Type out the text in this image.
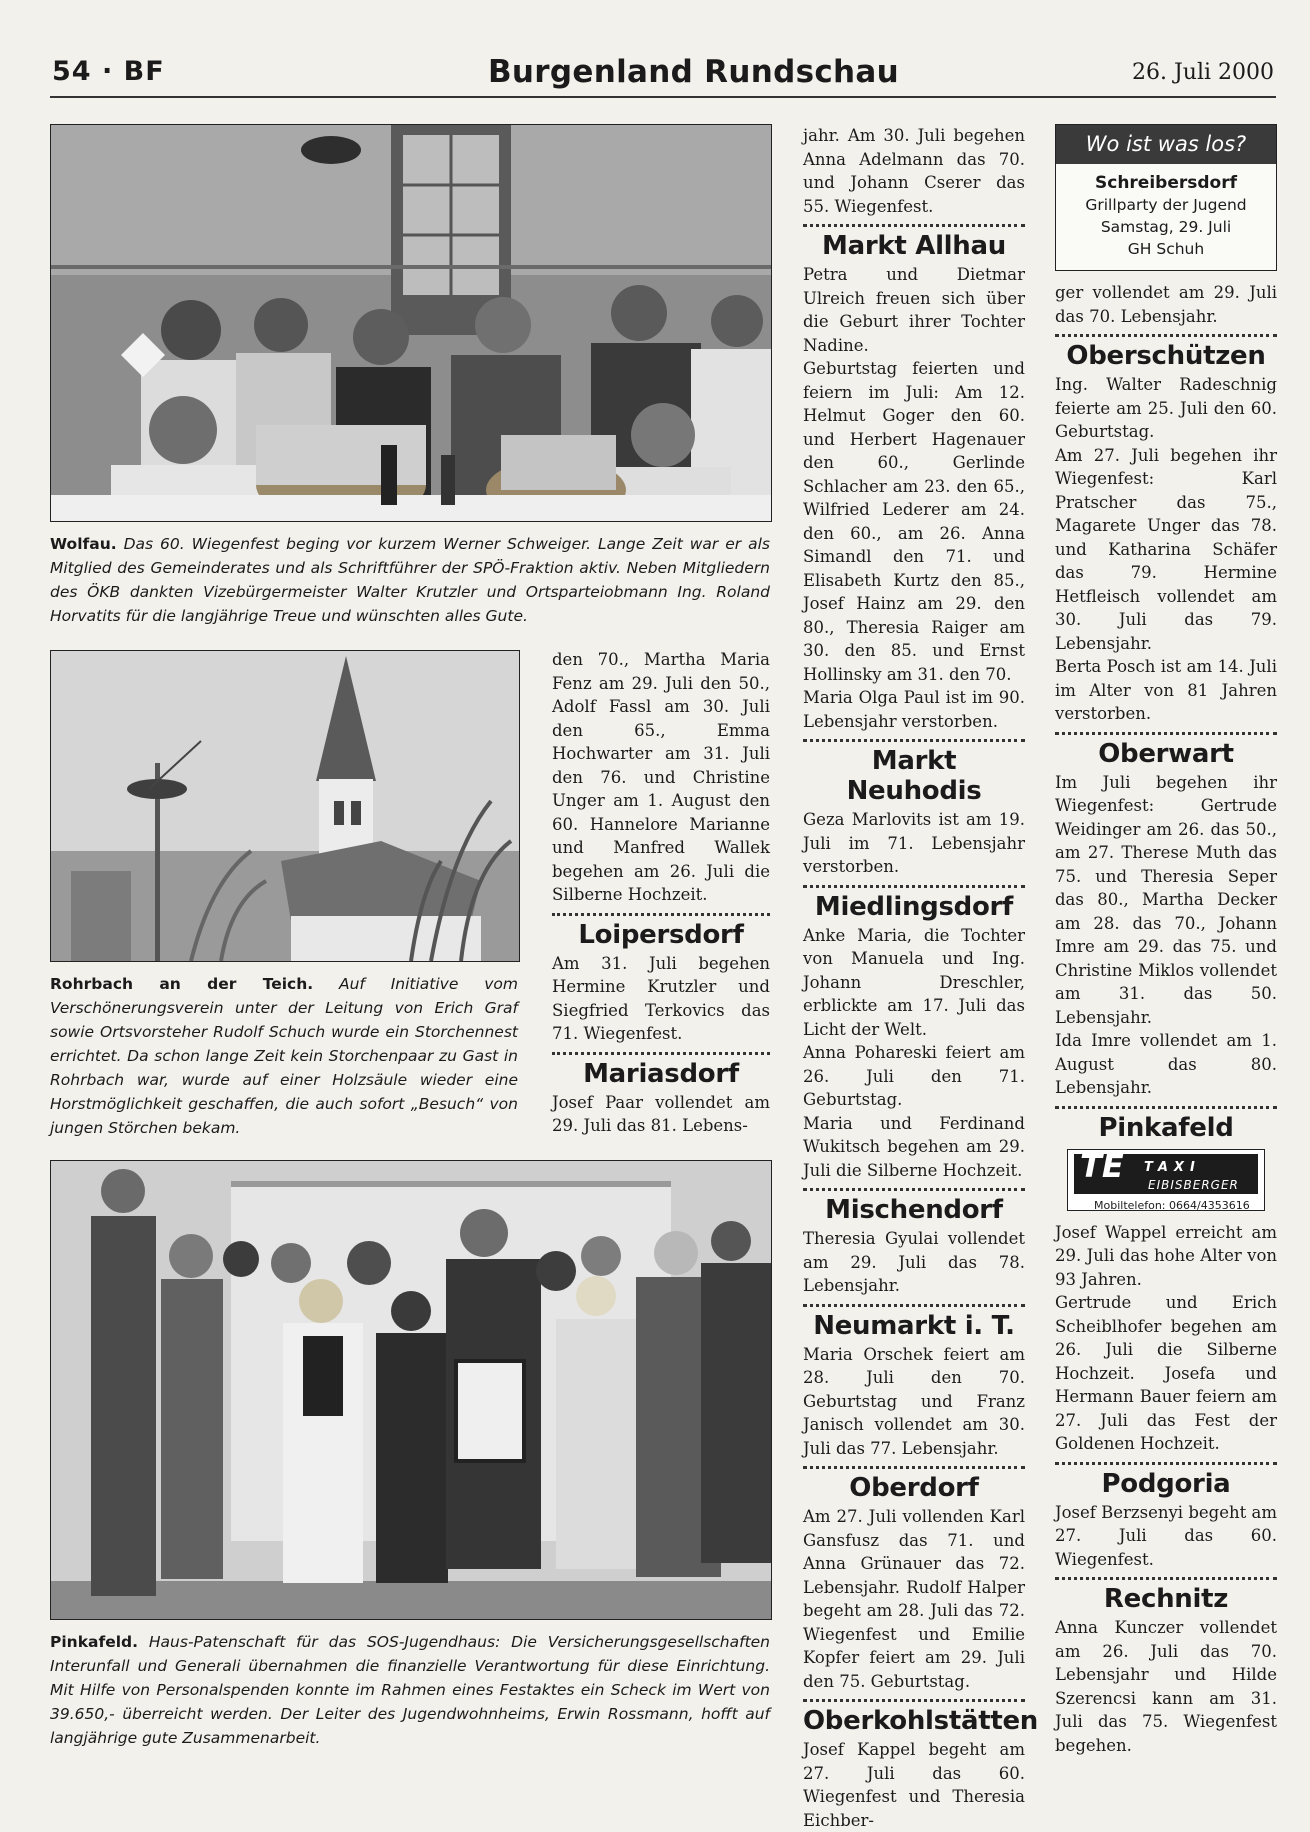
54 · BF	Burgenland Rundschau	26. Juli 2000
Wolfau. Das 60. Wiegenfest beging vor kurzem Werner Schweiger. Lange Zeit war er als Mitglied des Gemeinderates und als Schriftführer der SPÖ-Fraktion aktiv. Neben Mitgliedern des ÖKB dankten Vizebürgermeister Walter Krutzler und Ortsparteiobmann Ing. Roland Horvatits für die langjährige Treue und wünschten alles Gute.
Rohrbach an der Teich. Auf Initiative vom Verschönerungsverein unter der Leitung von Erich Graf sowie Ortsvorsteher Rudolf Schuch wurde ein Storchennest errichtet. Da schon lange Zeit kein Storchenpaar zu Gast in Rohrbach war, wurde auf einer Holzsäule wieder eine Horstmöglichkeit geschaffen, die auch sofort „Besuch“ von jungen Störchen bekam.
Pinkafeld. Haus-Patenschaft für das SOS-Jugendhaus: Die Versicherungsgesellschaften Interunfall und Generali übernahmen die finanzielle Verantwortung für diese Einrichtung. Mit Hilfe von Personalspenden konnte im Rahmen eines Festaktes ein Scheck im Wert von 39.650,- überreicht werden. Der Leiter des Jugendwohnheims, Erwin Rossmann, hofft auf langjährige gute Zusammenarbeit.

den 70., Martha Maria Fenz am 29. Juli den 50., Adolf Fassl am 30. Juli den 65., Emma Hochwarter am 31. Juli den 76. und Christine Unger am 1. August den 60. Hannelore Marianne und Manfred Wallek begehen am 26. Juli die Silberne Hochzeit.

Loipersdorf

Am 31. Juli begehen Hermine Krutzler und Siegfried Terkovics das 71. Wiegenfest.

Mariasdorf

Josef Paar vollendet am 29. Juli das 81. Lebens-

jahr. Am 30. Juli begehen Anna Adelmann das 70. und Johann Cserer das 55. Wiegenfest.

Markt Allhau

Petra und Dietmar Ulreich freuen sich über die Geburt ihrer Tochter Nadine.

Geburtstag feierten und feiern im Juli: Am 12. Helmut Goger den 60. und Herbert Hagenauer den 60., Gerlinde Schlacher am 23. den 65., Wilfried Lederer am 24. den 60., am 26. Anna Simandl den 71. und Elisabeth Kurtz den 85., Josef Hainz am 29. den 80., Theresia Raiger am 30. den 85. und Ernst Hollinsky am 31. den 70.

Maria Olga Paul ist im 90. Lebensjahr verstorben.

Markt Neuhodis

Geza Marlovits ist am 19. Juli im 71. Lebensjahr verstorben.

Miedlingsdorf

Anke Maria, die Tochter von Manuela und Ing. Johann Dreschler, erblickte am 17. Juli das Licht der Welt.

Anna Pohareski feiert am 26. Juli den 71. Geburtstag.

Maria und Ferdinand Wukitsch begehen am 29. Juli die Silberne Hochzeit.

Mischendorf

Theresia Gyulai vollendet am 29. Juli das 78. Lebensjahr.

Neumarkt i. T.

Maria Orschek feiert am 28. Juli den 70. Geburtstag und Franz Janisch vollendet am 30. Juli das 77. Lebensjahr.

Oberdorf

Am 27. Juli vollenden Karl Gansfusz das 71. und Anna Grünauer das 72. Lebensjahr. Rudolf Halper begeht am 28. Juli das 72. Wiegenfest und Emilie Kopfer feiert am 29. Juli den 75. Geburtstag.

Oberkohlstätten

Josef Kappel begeht am 27. Juli das 60. Wiegenfest und Theresia Eichber-

Wo ist was los?
Schreibersdorf
Grillparty der Jugend
Samstag, 29. Juli
GH Schuh

ger vollendet am 29. Juli das 70. Lebensjahr.

Oberschützen

Ing. Walter Radeschnig feierte am 25. Juli den 60. Geburtstag.

Am 27. Juli begehen ihr Wiegenfest: Karl Pratscher das 75., Magarete Unger das 78. und Katharina Schäfer das 79. Hermine Hetfleisch vollendet am 30. Juli das 79. Lebensjahr.

Berta Posch ist am 14. Juli im Alter von 81 Jahren verstorben.

Oberwart

Im Juli begehen ihr Wiegenfest: Gertrude Weidinger am 26. das 50., am 27. Therese Muth das 75. und Theresia Seper das 80., Martha Decker am 28. das 70., Johann Imre am 29. das 75. und Christine Miklos vollendet am 31. das 50. Lebensjahr.

Ida Imre vollendet am 1. August das 80. Lebensjahr.

Pinkafeld
TE TAXI
EIBISBERGER
Mobiltelefon: 0664/4353616

Josef Wappel erreicht am 29. Juli das hohe Alter von 93 Jahren.

Gertrude und Erich Scheiblhofer begehen am 26. Juli die Silberne Hochzeit. Josefa und Hermann Bauer feiern am 27. Juli das Fest der Goldenen Hochzeit.

Podgoria

Josef Berzsenyi begeht am 27. Juli das 60. Wiegenfest.

Rechnitz

Anna Kunczer vollendet am 26. Juli das 70. Lebensjahr und Hilde Szerencsi kann am 31. Juli das 75. Wiegenfest begehen.
